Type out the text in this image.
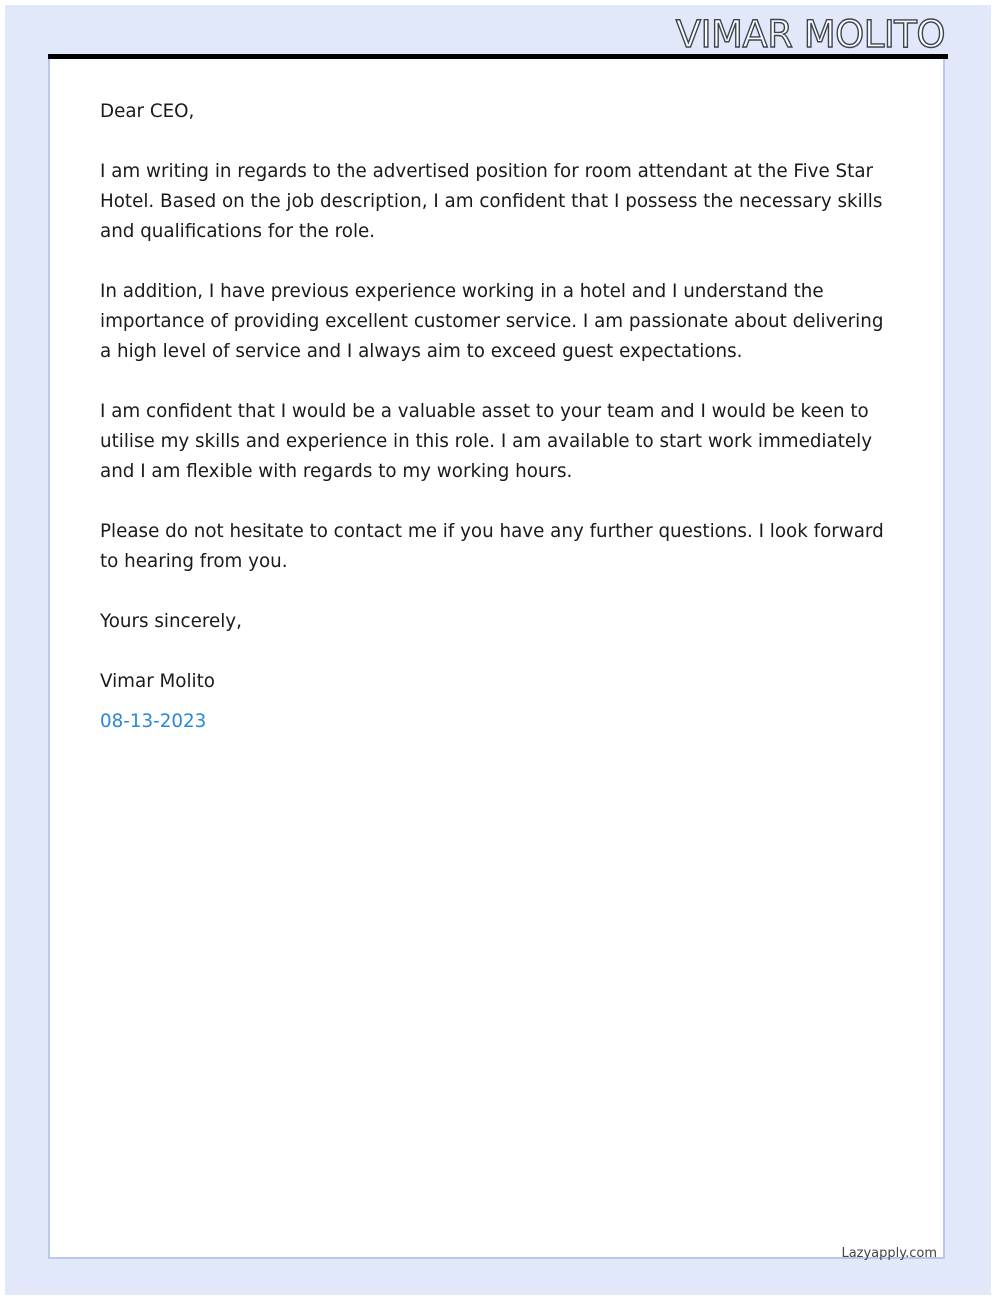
VIMAR MOLITO

Dear CEO,

I am writing in regards to the advertised position for room attendant at the Five Star Hotel. Based on the job description, I am confident that I possess the necessary skills and qualifications for the role.

In addition, I have previous experience working in a hotel and I understand the importance of providing excellent customer service. I am passionate about delivering a high level of service and I always aim to exceed guest expectations.

I am confident that I would be a valuable asset to your team and I would be keen to utilise my skills and experience in this role. I am available to start work immediately and I am flexible with regards to my working hours.

Please do not hesitate to contact me if you have any further questions. I look forward to hearing from you.

Yours sincerely,

Vimar Molito

08-13-2023
Lazyapply.com
